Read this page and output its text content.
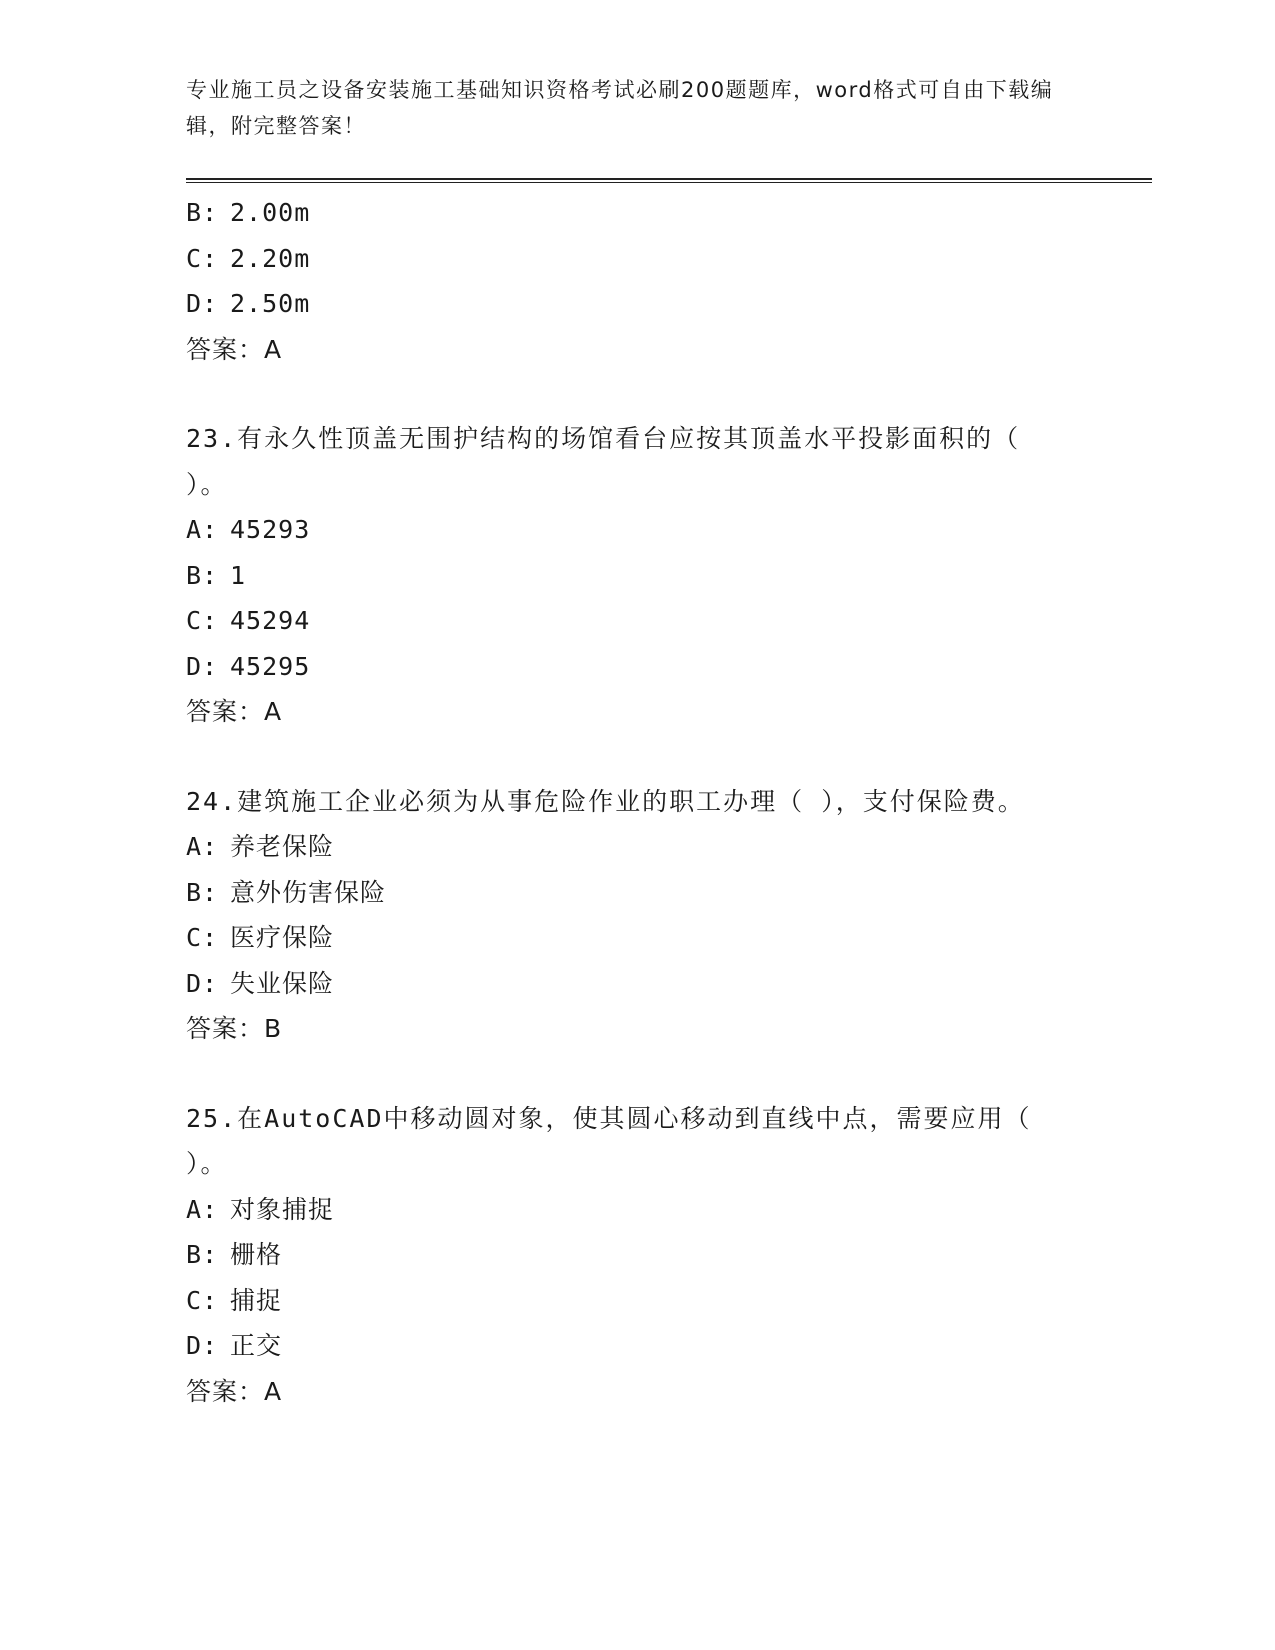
专业施工员之设备安装施工基础知识资格考试必刷200题题库，word格式可自由下载编辑，附完整答案！
B: 2.00m
C: 2.20m
D: 2.50m
答案：A
23.有永久性顶盖无围护结构的场馆看台应按其顶盖水平投影面积的（ ）。
A: 45293
B: 1
C: 45294
D: 45295
答案：A
24.建筑施工企业必须为从事危险作业的职工办理（ ），支付保险费。
A: 养老保险
B: 意外伤害保险
C: 医疗保险
D: 失业保险
答案：B
25.在AutoCAD中移动圆对象，使其圆心移动到直线中点，需要应用（ ）。
A: 对象捕捉
B: 栅格
C: 捕捉
D: 正交
答案：A
